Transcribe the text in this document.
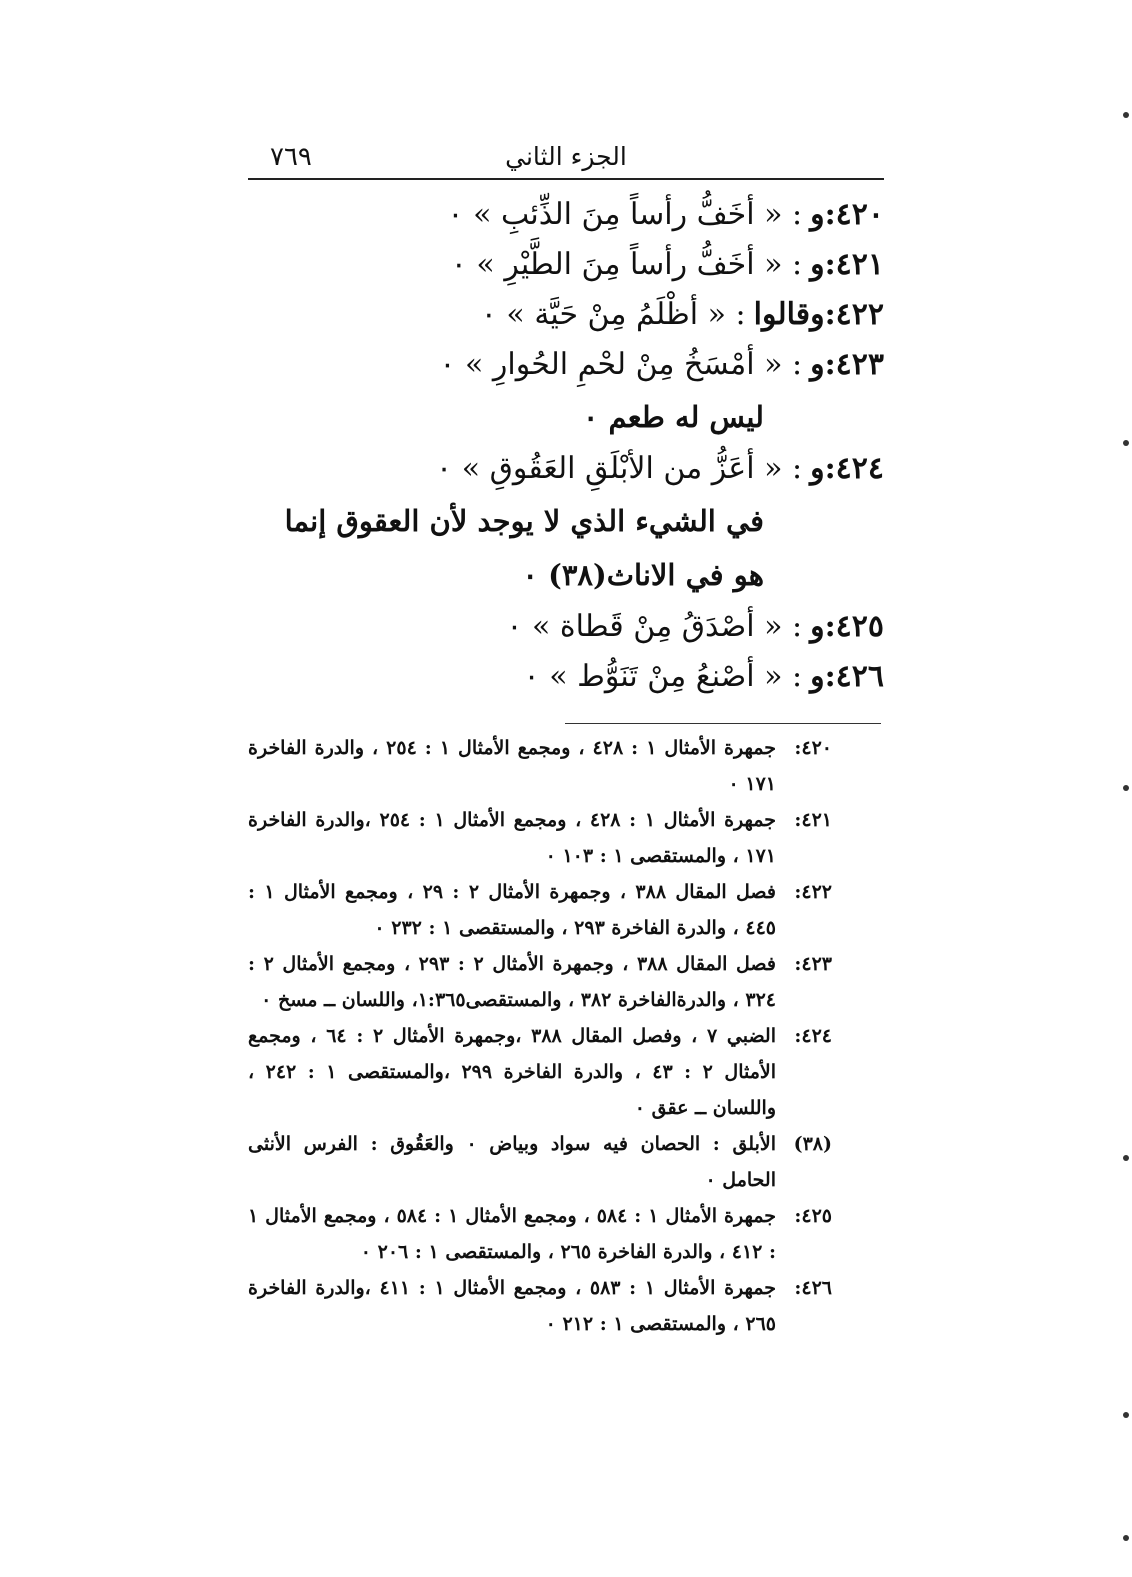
٧٦٩	الجزء الثاني
٤٢٠:و: « أخَفُّ رأساً مِنَ الذِّئبِ » ٠
٤٢١:و: « أخَفُّ رأساً مِنَ الطَّيْرِ » ٠
٤٢٢:وقالوا: « أظْلَمُ مِنْ حَيَّة » ٠
٤٢٣:و: « أمْسَخُ مِنْ لحْمِ الحُوارِ » ٠
ليس له طعم ٠
٤٢٤:و: « أعَزُّ من الأبْلَقِ العَقُوقِ » ٠
في الشيء الذي لا يوجد لأن العقوق إنما هو في الاناث(٣٨) ٠
٤٢٥:و: « أصْدَقُ مِنْ قَطاة » ٠
٤٢٦:و: « أصْنعُ مِنْ تَنَوُّط » ٠
٤٢٠:
جمهرة الأمثال ١ : ٤٢٨ ، ومجمع الأمثال ١ : ٢٥٤ ، والدرة الفاخرة ١٧١ ٠
٤٢١:
جمهرة الأمثال ١ : ٤٢٨ ، ومجمع الأمثال ١ : ٢٥٤ ،والدرة الفاخرة ١٧١ ، والمستقصى ١ : ١٠٣ ٠
٤٢٢:
فصل المقال ٣٨٨ ، وجمهرة الأمثال ٢ : ٢٩ ، ومجمع الأمثال ١ : ٤٤٥ ، والدرة الفاخرة ٢٩٣ ، والمستقصى ١ : ٢٣٢ ٠
٤٢٣:
فصل المقال ٣٨٨ ، وجمهرة الأمثال ٢ : ٢٩٣ ، ومجمع الأمثال ٢ : ٣٢٤ ، والدرةالفاخرة ٣٨٢ ، والمستقصى١:٣٦٥، واللسان ــ مسخ ٠
٤٢٤:
الضبي ٧ ، وفصل المقال ٣٨٨ ،وجمهرة الأمثال ٢ : ٦٤ ، ومجمع الأمثال ٢ : ٤٣ ، والدرة الفاخرة ٢٩٩ ،والمستقصى ١ : ٢٤٢ ، واللسان ــ عقق ٠
(٣٨)
الأبلق : الحصان فيه سواد وبياض ٠ والعَقُوق : الفرس الأنثى الحامل ٠
٤٢٥:
جمهرة الأمثال ١ : ٥٨٤ ، ومجمع الأمثال ١ : ٥٨٤ ، ومجمع الأمثال ١ : ٤١٢ ، والدرة الفاخرة ٢٦٥ ، والمستقصى ١ : ٢٠٦ ٠
٤٢٦:
جمهرة الأمثال ١ : ٥٨٣ ، ومجمع الأمثال ١ : ٤١١ ،والدرة الفاخرة ٢٦٥ ، والمستقصى ١ : ٢١٢ ٠
